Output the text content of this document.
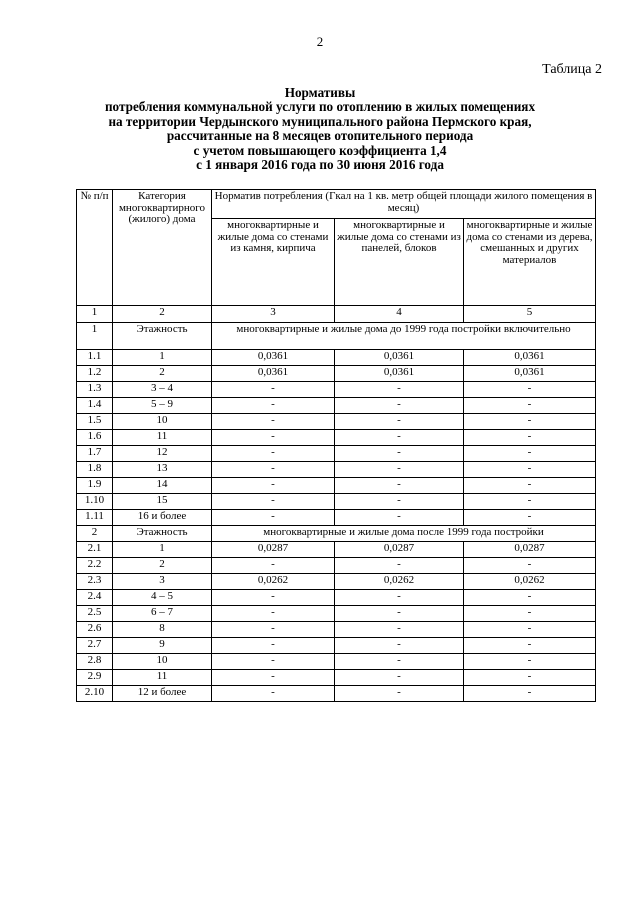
2
Таблица 2
Нормативы
потребления коммунальной услуги по отоплению в жилых помещениях
на территории Чердынского муниципального района Пермского края,
рассчитанные на 8 месяцев отопительного периода
с учетом повышающего коэффициента 1,4
с 1 января 2016 года по 30 июня 2016 года
№ п/п	Категория многоквартирного (жилого) дома	Норматив потребления (Гкал на 1 кв. метр общей площади жилого помещения в месяц)		
		многоквартирные и жилые дома со стенами из камня, кирпича	многоквартирные и жилые дома со стенами из панелей, блоков	многоквартирные и жилые дома со стенами из дерева, смешанных и других материалов
1	2	3	4	5
1	Этажность	многоквартирные и жилые дома до 1999 года постройки включительно		
1.1	1	0,0361	0,0361	0,0361
1.2	2	0,0361	0,0361	0,0361
1.3	3 – 4	-	-	-
1.4	5 – 9	-	-	-
1.5	10	-	-	-
1.6	11	-	-	-
1.7	12	-	-	-
1.8	13	-	-	-
1.9	14	-	-	-
1.10	15	-	-	-
1.11	16 и более	-	-	-
2	Этажность	многоквартирные и жилые дома после 1999 года постройки		
2.1	1	0,0287	0,0287	0,0287
2.2	2	-	-	-
2.3	3	0,0262	0,0262	0,0262
2.4	4 – 5	-	-	-
2.5	6 – 7	-	-	-
2.6	8	-	-	-
2.7	9	-	-	-
2.8	10	-	-	-
2.9	11	-	-	-
2.10	12 и более	-	-	-
